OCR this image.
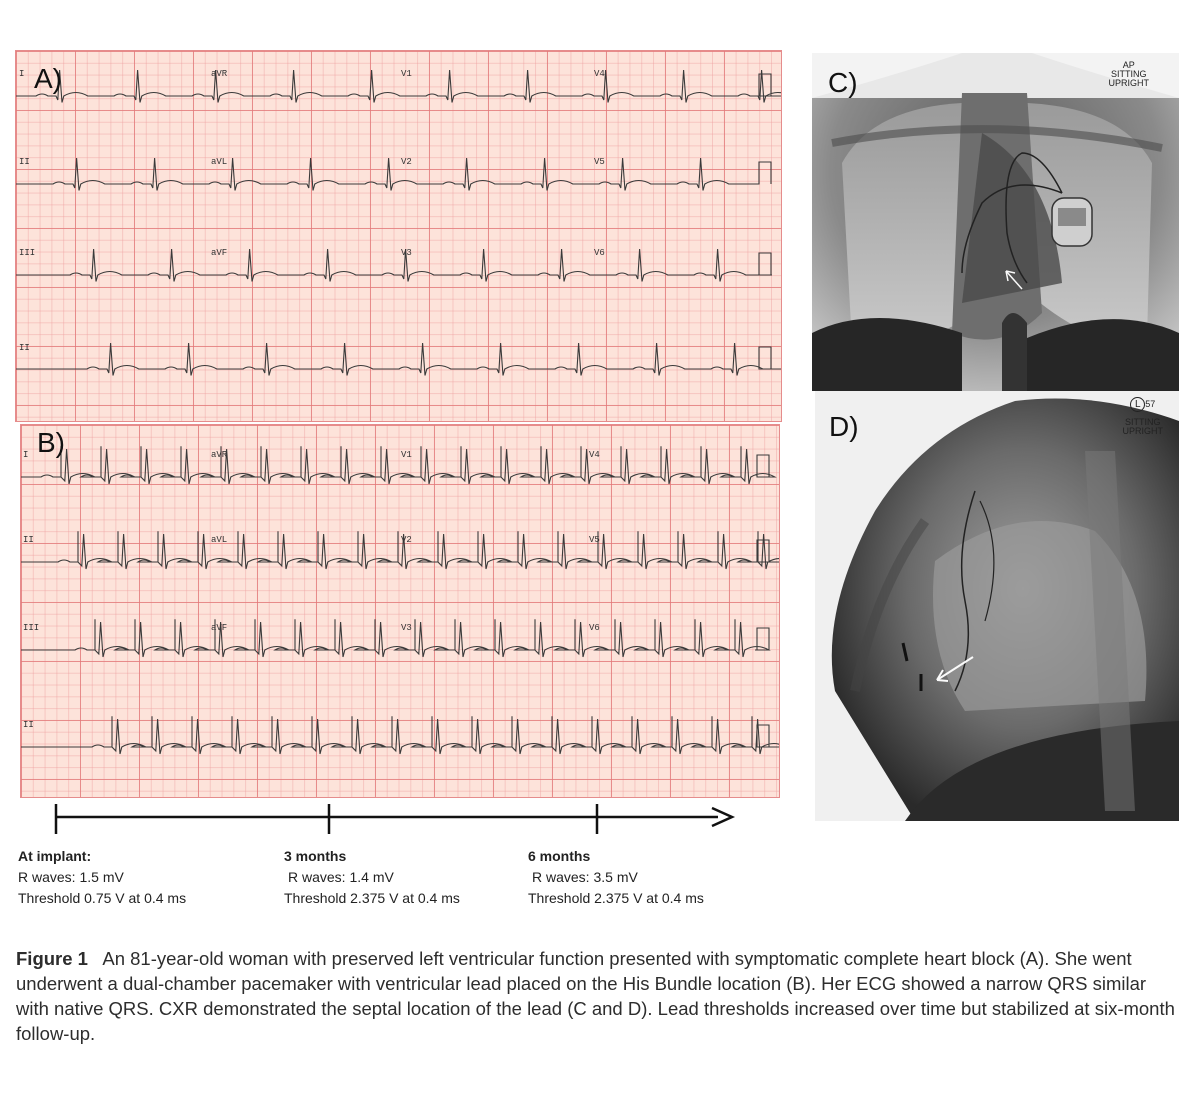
A)
I	aVR	V1	V4
II	aVL	V2	V5
III	aVF	V3	V6
II
B)
I	aVR	V1	V4
II	aVL	V2	V5
III	aVF	V3	V6
II
C)
AP
SITTING
UPRIGHT
D)
L 57
SITTING
UPRIGHT
At implant:
R waves: 1.5 mV
Threshold 0.75 V at 0.4 ms
3 months
R waves: 1.4 mV
Threshold 2.375 V at 0.4 ms
6 months
R waves: 3.5 mV
Threshold 2.375 V at 0.4 ms
Figure 1 An 81-year-old woman with preserved left ventricular function presented with symptomatic complete heart block (A). She went underwent a dual-chamber pacemaker with ventricular lead placed on the His Bundle location (B). Her ECG showed a narrow QRS similar with native QRS. CXR demonstrated the septal location of the lead (C and D). Lead thresholds increased over time but stabilized at six-month follow-up.
